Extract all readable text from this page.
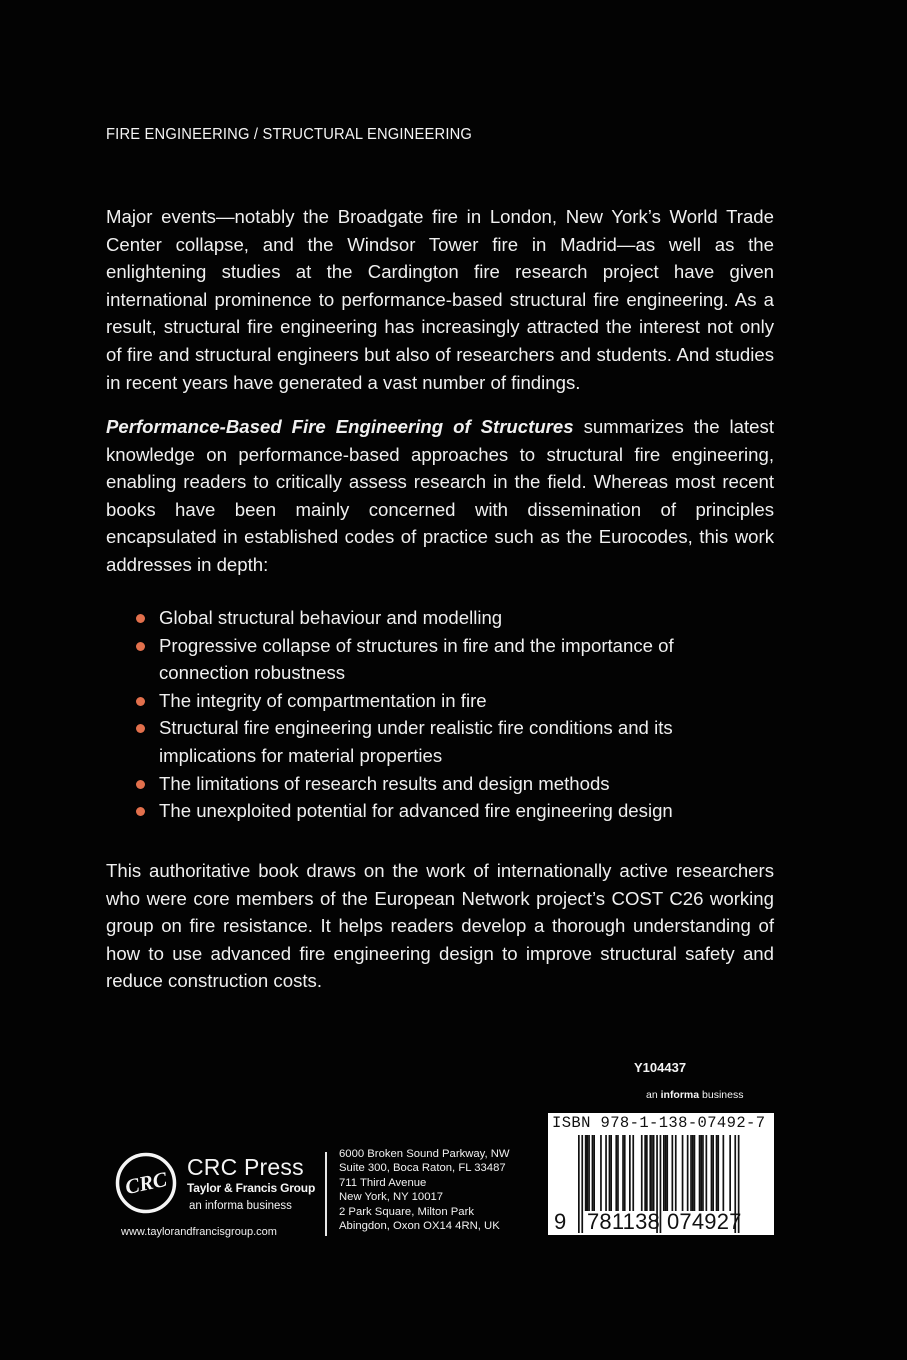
FIRE ENGINEERING / STRUCTURAL ENGINEERING

Major events—notably the Broadgate fire in London, New York’s World Trade Center collapse, and the Windsor Tower fire in Madrid—as well as the enlightening studies at the Cardington fire research project have given international prominence to performance-based structural fire engineering. As a result, structural fire engineering has increasingly attracted the interest not only of fire and structural engineers but also of researchers and students. And studies in recent years have generated a vast number of findings.

Performance-Based Fire Engineering of Structures summarizes the latest knowledge on performance-based approaches to structural fire engineering, enabling readers to critically assess research in the field. Whereas most recent books have been mainly concerned with dissemination of principles encapsulated in established codes of practice such as the Eurocodes, this work addresses in depth:

Global structural behaviour and modelling
Progressive collapse of structures in fire and the importance of connection robustness
The integrity of compartmentation in fire
Structural fire engineering under realistic fire conditions and its implications for material properties
The limitations of research results and design methods
The unexploited potential for advanced fire engineering design

This authoritative book draws on the work of internationally active researchers who were core members of the European Network project’s COST C26 working group on fire resistance. It helps readers develop a thorough understanding of how to use advanced fire engineering design to improve structural safety and reduce construction costs.

Y104437
an informa business
ISBN 978-1-138-07492-7
9 781138 074927
CRC CRC Press
Taylor & Francis Group
an informa business
www.taylorandfrancisgroup.com
6000 Broken Sound Parkway, NW
Suite 300, Boca Raton, FL 33487
711 Third Avenue
New York, NY 10017
2 Park Square, Milton Park
Abingdon, Oxon OX14 4RN, UK
